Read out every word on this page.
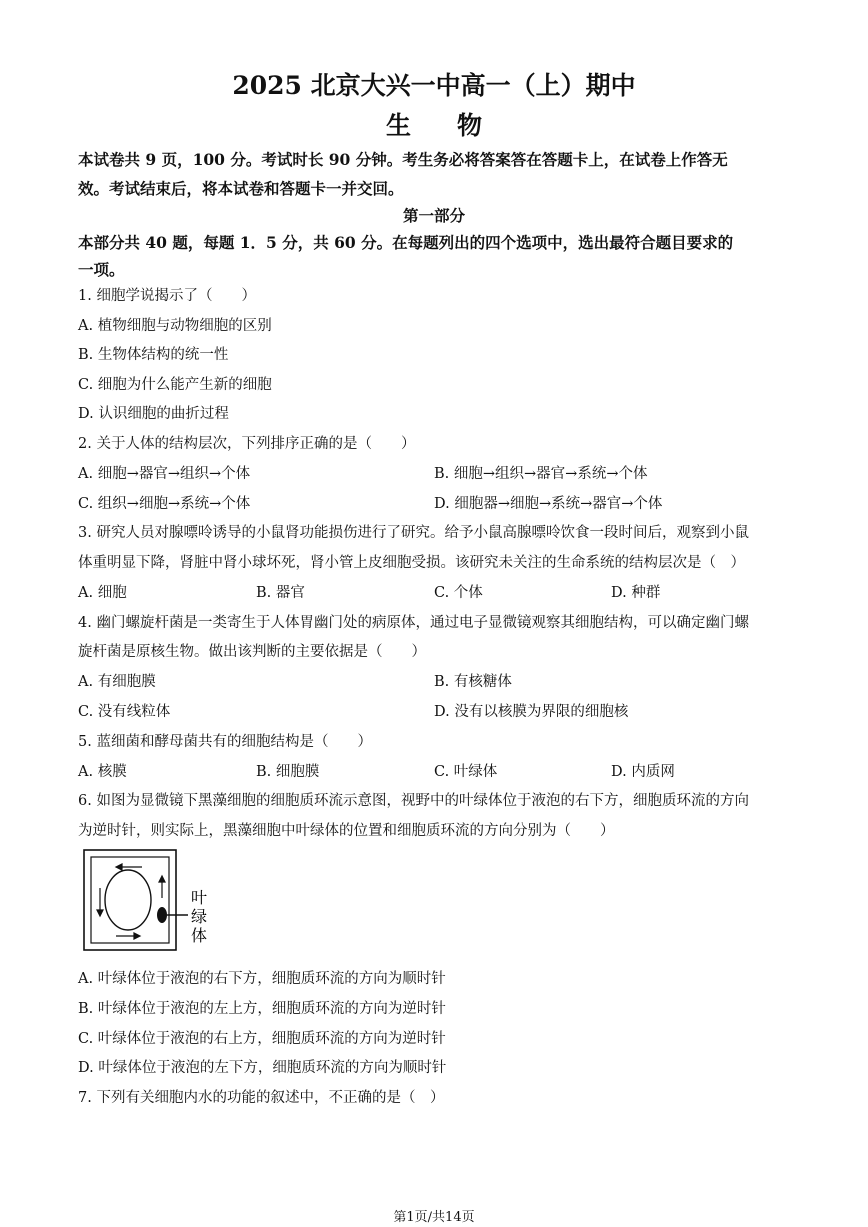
2025 北京大兴一中高一（上）期中
生物
本试卷共 9 页，100 分。考试时长 90 分钟。考生务必将答案答在答题卡上，在试卷上作答无
效。考试结束后，将本试卷和答题卡一并交回。
第一部分
本部分共 40 题，每题 1．5 分，共 60 分。在每题列出的四个选项中，选出最符合题目要求的
一项。
1. 细胞学说揭示了（　　）
A. 植物细胞与动物细胞的区别
B. 生物体结构的统一性
C. 细胞为什么能产生新的细胞
D. 认识细胞的曲折过程
2. 关于人体的结构层次，下列排序正确的是（　　）
A. 细胞→器官→组织→个体	B. 细胞→组织→器官→系统→个体
C. 组织→细胞→系统→个体	D. 细胞器→细胞→系统→器官→个体
3. 研究人员对腺嘌呤诱导的小鼠肾功能损伤进行了研究。给予小鼠高腺嘌呤饮食一段时间后，观察到小鼠
体重明显下降，肾脏中肾小球坏死，肾小管上皮细胞受损。该研究未关注的生命系统的结构层次是（　）
A. 细胞	B. 器官	C. 个体	D. 种群
4. 幽门螺旋杆菌是一类寄生于人体胃幽门处的病原体，通过电子显微镜观察其细胞结构，可以确定幽门螺
旋杆菌是原核生物。做出该判断的主要依据是（　　）
A. 有细胞膜	B. 有核糖体
C. 没有线粒体	D. 没有以核膜为界限的细胞核
5. 蓝细菌和酵母菌共有的细胞结构是（　　）
A. 核膜	B. 细胞膜	C. 叶绿体	D. 内质网
6. 如图为显微镜下黑藻细胞的细胞质环流示意图，视野中的叶绿体位于液泡的右下方，细胞质环流的方向
为逆时针，则实际上，黑藻细胞中叶绿体的位置和细胞质环流的方向分别为（　　）
叶
绿
体
A. 叶绿体位于液泡的右下方，细胞质环流的方向为顺时针
B. 叶绿体位于液泡的左上方，细胞质环流的方向为逆时针
C. 叶绿体位于液泡的右上方，细胞质环流的方向为逆时针
D. 叶绿体位于液泡的左下方，细胞质环流的方向为顺时针
7. 下列有关细胞内水的功能的叙述中，不正确的是（　）
第1页/共14页
